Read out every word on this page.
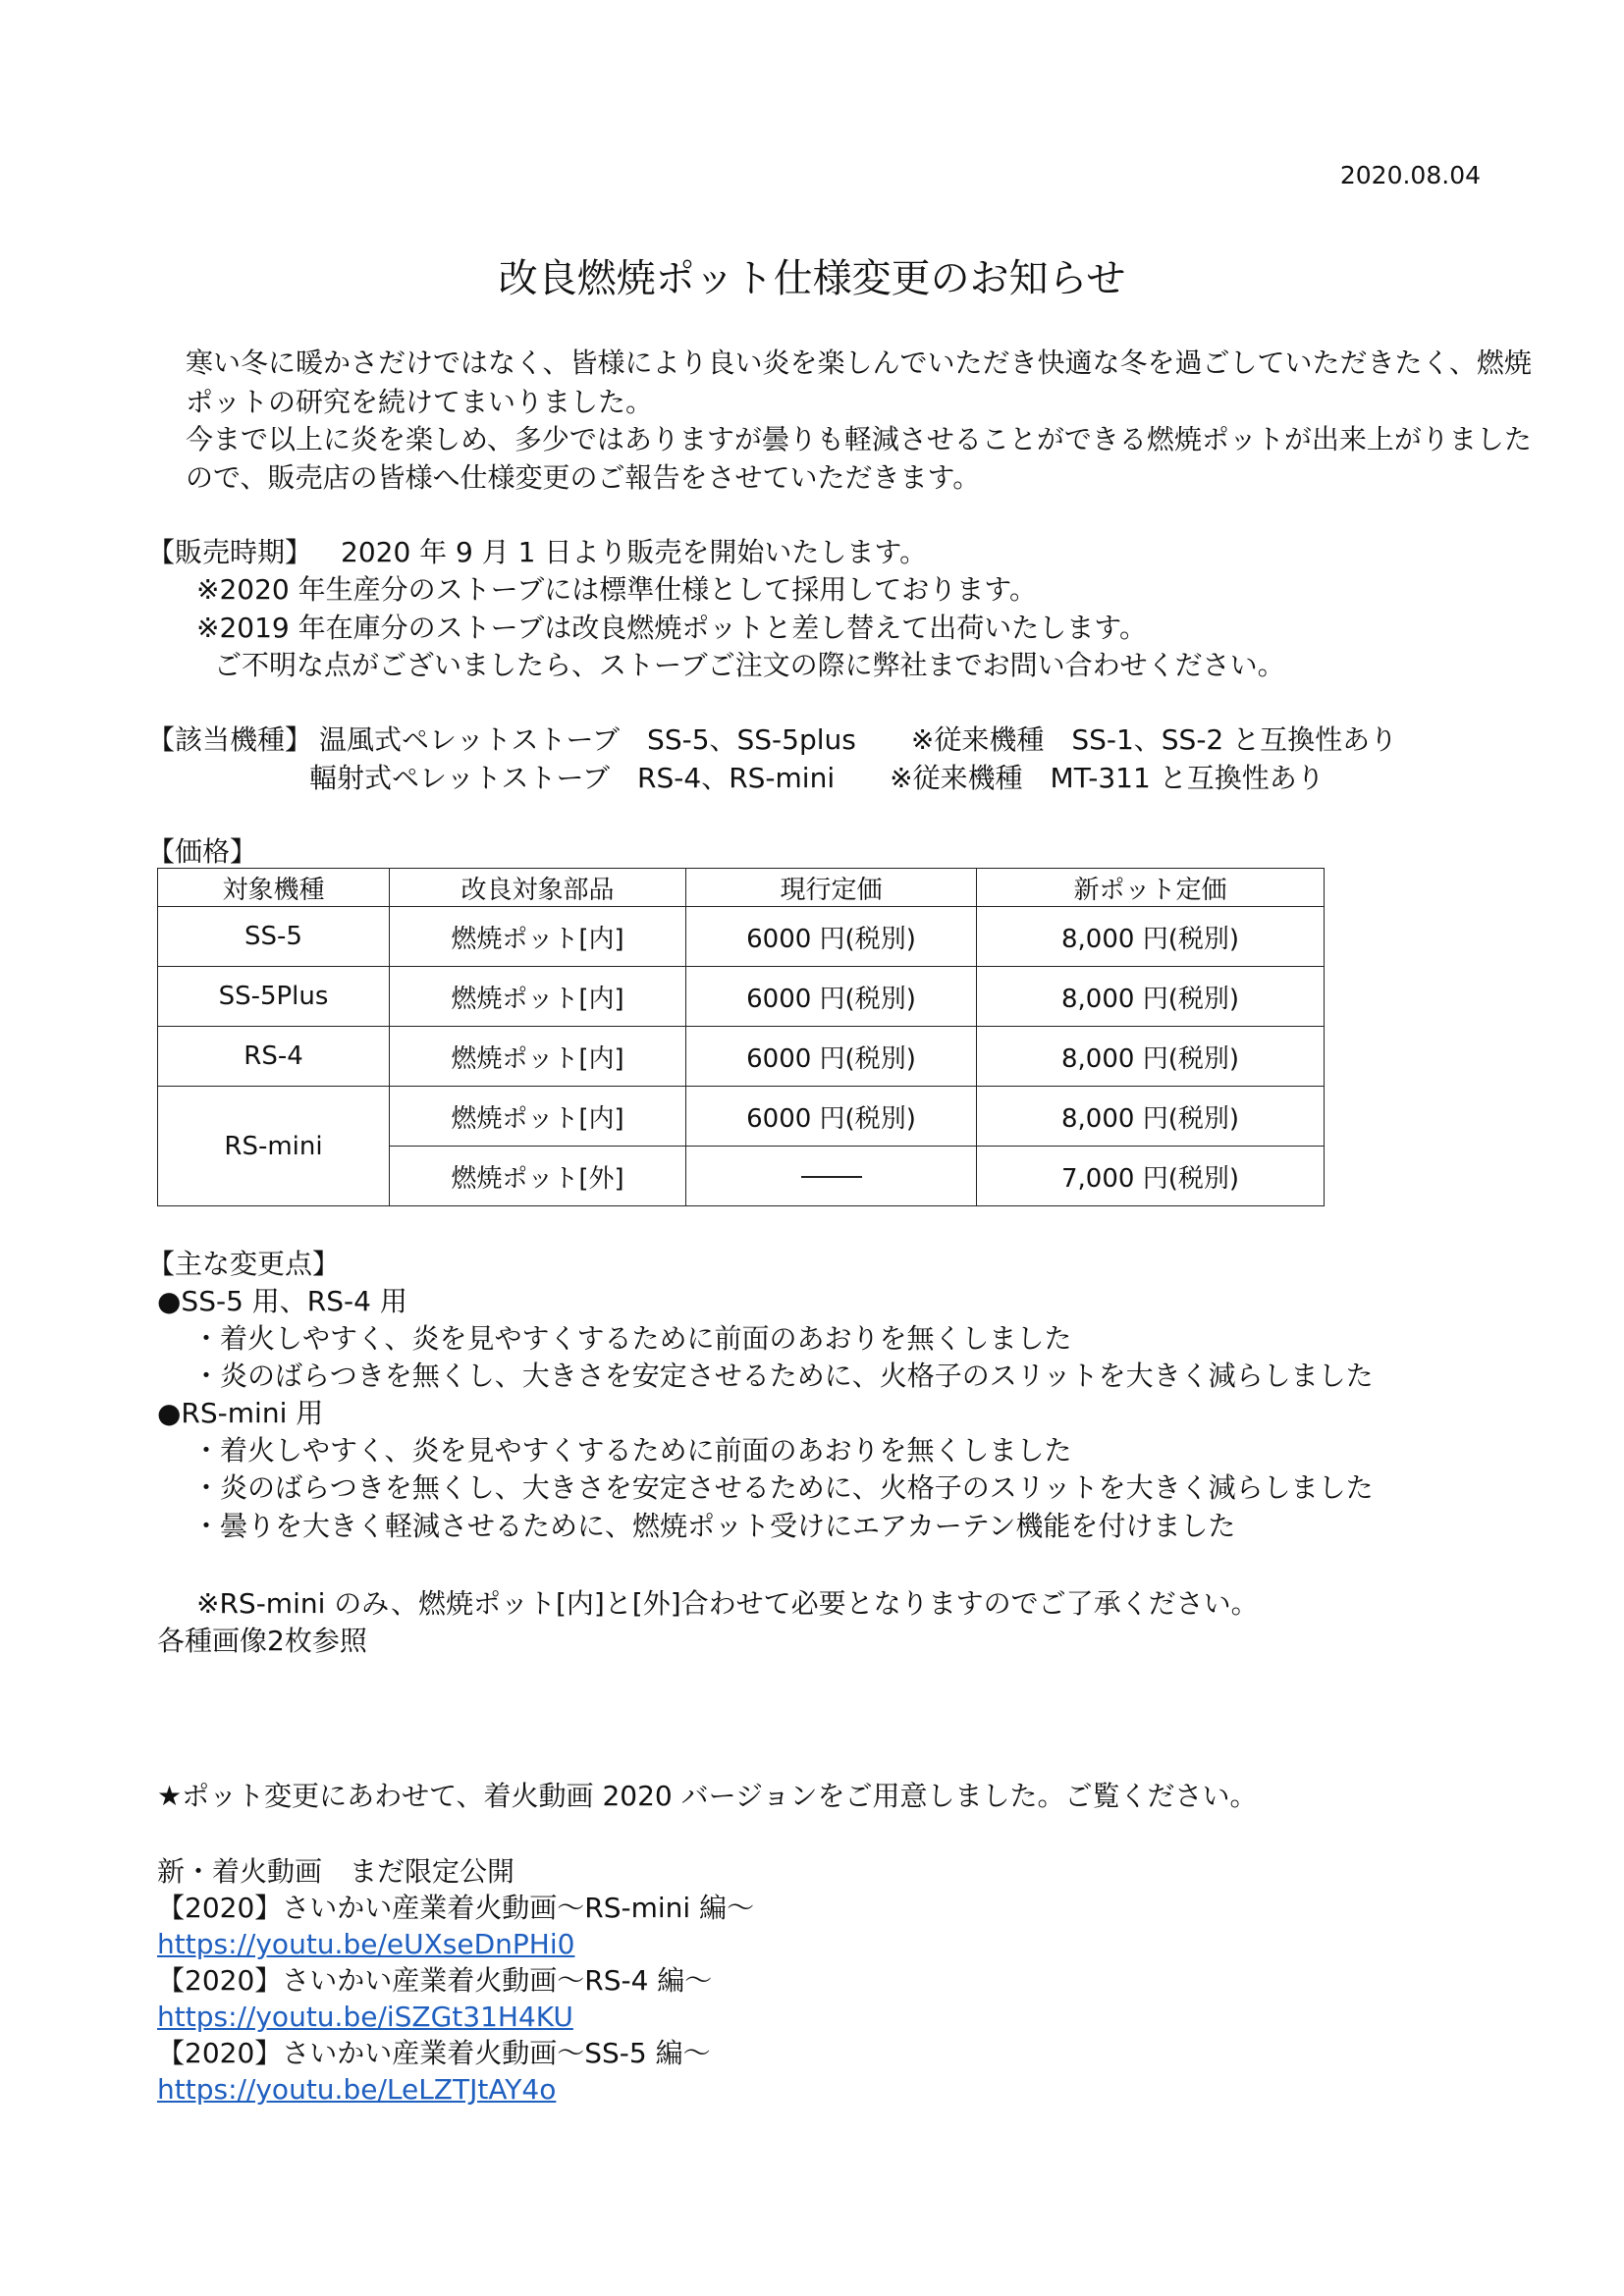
2020.08.04
改良燃焼ポット仕様変更のお知らせ
寒い冬に暖かさだけではなく、皆様により良い炎を楽しんでいただき快適な冬を過ごしていただきたく、燃焼
ポットの研究を続けてまいりました。
今まで以上に炎を楽しめ、多少ではありますが曇りも軽減させることができる燃焼ポットが出来上がりました
ので、販売店の皆様へ仕様変更のご報告をさせていただきます。
【販売時期】 2020 年 9 月 1 日より販売を開始いたします。
※2020 年生産分のストーブには標準仕様として採用しております。
※2019 年在庫分のストーブは改良燃焼ポットと差し替えて出荷いたします。
ご不明な点がございましたら、ストーブご注文の際に弊社までお問い合わせください。
【該当機種】 温風式ペレットストーブ　SS-5、SS-5plus　　※従来機種　SS-1、SS-2 と互換性あり
輻射式ペレットストーブ　RS-4、RS-mini　　※従来機種　MT-311 と互換性あり
【価格】
対象機種	改良対象部品	現行定価	新ポット定価
SS-5	燃焼ポット[内]	6000 円(税別)	8,000 円(税別)
SS-5Plus	燃焼ポット[内]	6000 円(税別)	8,000 円(税別)
RS-4	燃焼ポット[内]	6000 円(税別)	8,000 円(税別)
RS-mini	燃焼ポット[内]	6000 円(税別)	8,000 円(税別)
	燃焼ポット[外]		7,000 円(税別)
【主な変更点】
●SS-5 用、RS-4 用
・着火しやすく、炎を見やすくするために前面のあおりを無くしました
・炎のばらつきを無くし、大きさを安定させるために、火格子のスリットを大きく減らしました
●RS-mini 用
・着火しやすく、炎を見やすくするために前面のあおりを無くしました
・炎のばらつきを無くし、大きさを安定させるために、火格子のスリットを大きく減らしました
・曇りを大きく軽減させるために、燃焼ポット受けにエアカーテン機能を付けました
※RS-mini のみ、燃焼ポット[内]と[外]合わせて必要となりますのでご了承ください。
各種画像2枚参照
★ポット変更にあわせて、着火動画 2020 バージョンをご用意しました。ご覧ください。
新・着火動画　まだ限定公開
【2020】さいかい産業着火動画～RS-mini 編～
https://youtu.be/eUXseDnPHi0
【2020】さいかい産業着火動画～RS-4 編～
https://youtu.be/iSZGt31H4KU
【2020】さいかい産業着火動画～SS-5 編～
https://youtu.be/LeLZTJtAY4o
